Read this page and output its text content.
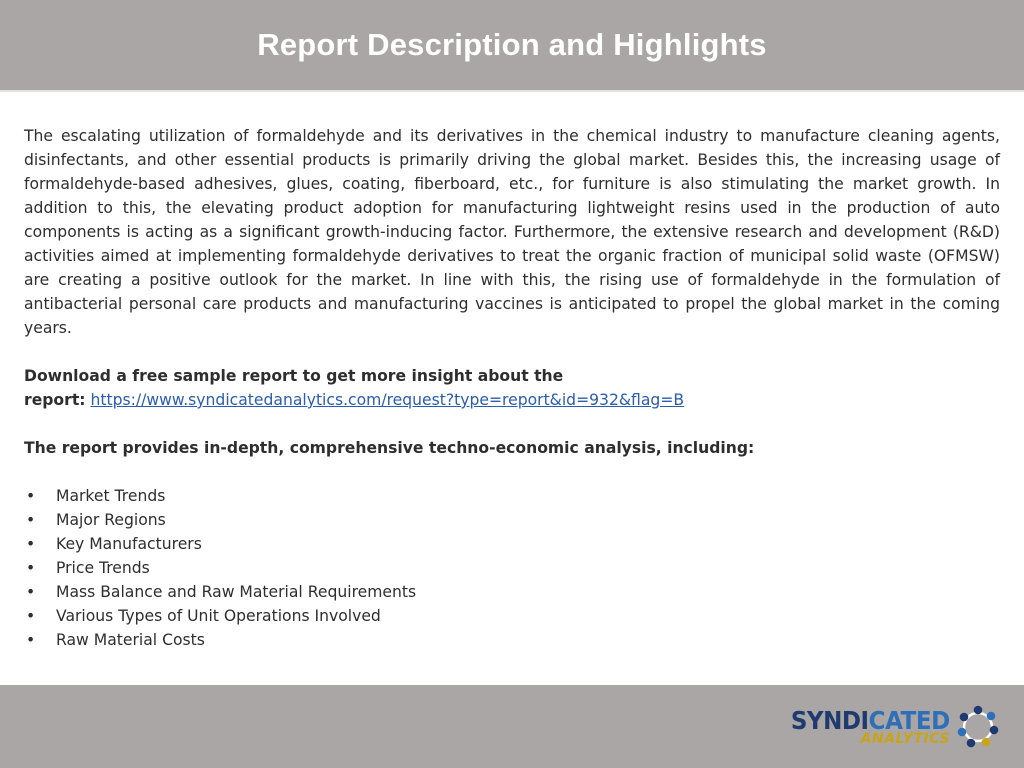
Report Description and Highlights

The escalating utilization of formaldehyde and its derivatives in the chemical industry to manufacture cleaning agents, disinfectants, and other essential products is primarily driving the global market. Besides this, the increasing usage of formaldehyde-based adhesives, glues, coating, fiberboard, etc., for furniture is also stimulating the market growth. In addition to this, the elevating product adoption for manufacturing lightweight resins used in the production of auto components is acting as a significant growth-inducing factor. Furthermore, the extensive research and development (R&D) activities aimed at implementing formaldehyde derivatives to treat the organic fraction of municipal solid waste (OFMSW) are creating a positive outlook for the market. In line with this, the rising use of formaldehyde in the formulation of antibacterial personal care products and manufacturing vaccines is anticipated to propel the global market in the coming years.

Download a free sample report to get more insight about the

report: https://www.syndicatedanalytics.com/request?type=report&id=932&flag=B

The report provides in-depth, comprehensive techno-economic analysis, including:

• Market Trends
• Major Regions
• Key Manufacturers
• Price Trends
• Mass Balance and Raw Material Requirements
• Various Types of Unit Operations Involved
• Raw Material Costs
SYNDICATED
ANALYTICS
